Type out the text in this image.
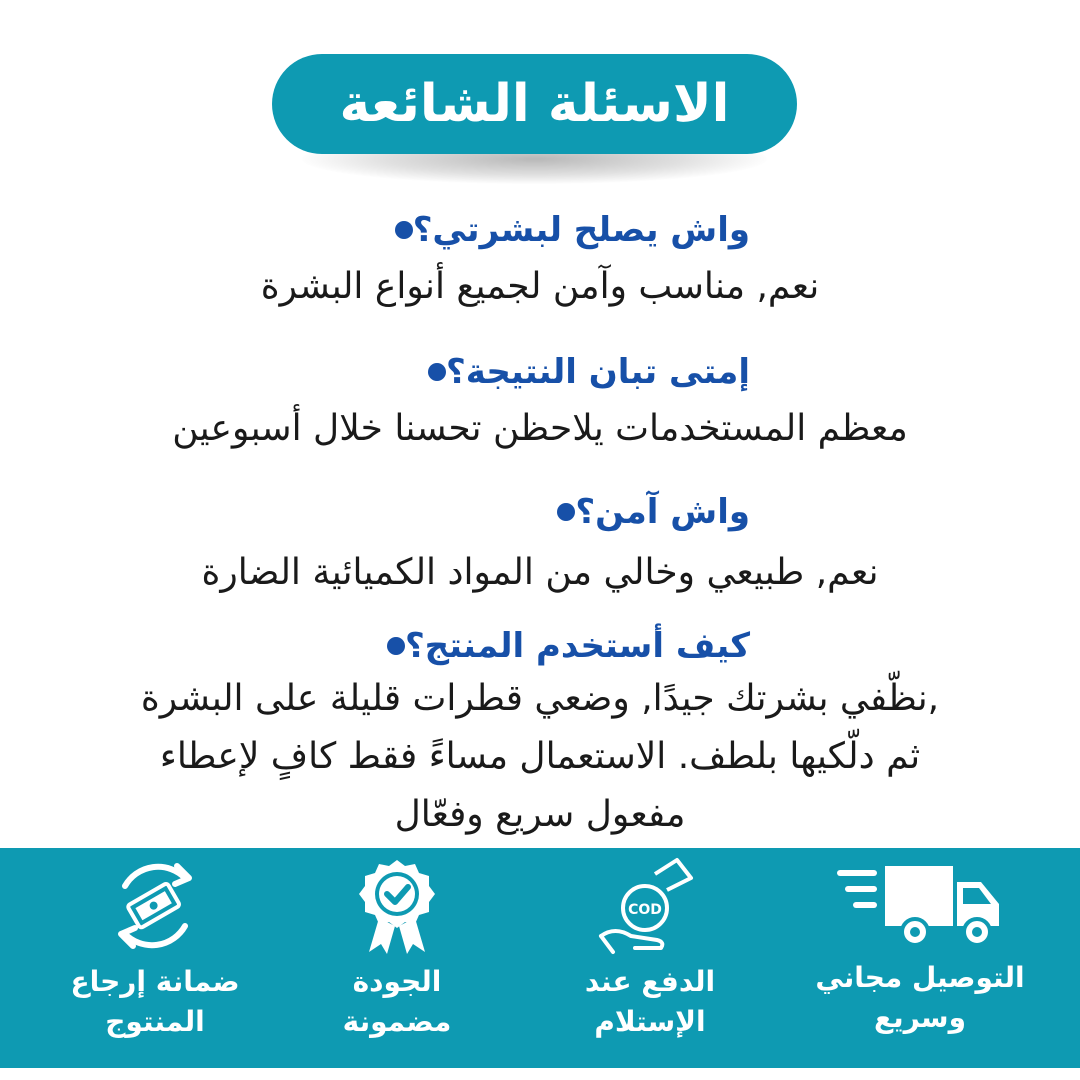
الاسئلة الشائعة
واش يصلح لبشرتي؟
نعم, مناسب وآمن لجميع أنواع البشرة
إمتى تبان النتيجة؟
معظم المستخدمات يلاحظن تحسنا خلال أسبوعين
واش آمن؟
نعم, طبيعي وخالي من المواد الكميائية الضارة
كيف أستخدم المنتج؟
نظّفي بشرتك جيدًا, وضعي قطرات قليلة على البشرة,
ثم دلّكيها بلطف. الاستعمال مساءً فقط كافٍ لإعطاء
مفعول سريع وفعّال
التوصيل مجاني
وسريع
COD
الدفع عند
الإستلام
الجودة
مضمونة
ضمانة إرجاع
المنتوج
